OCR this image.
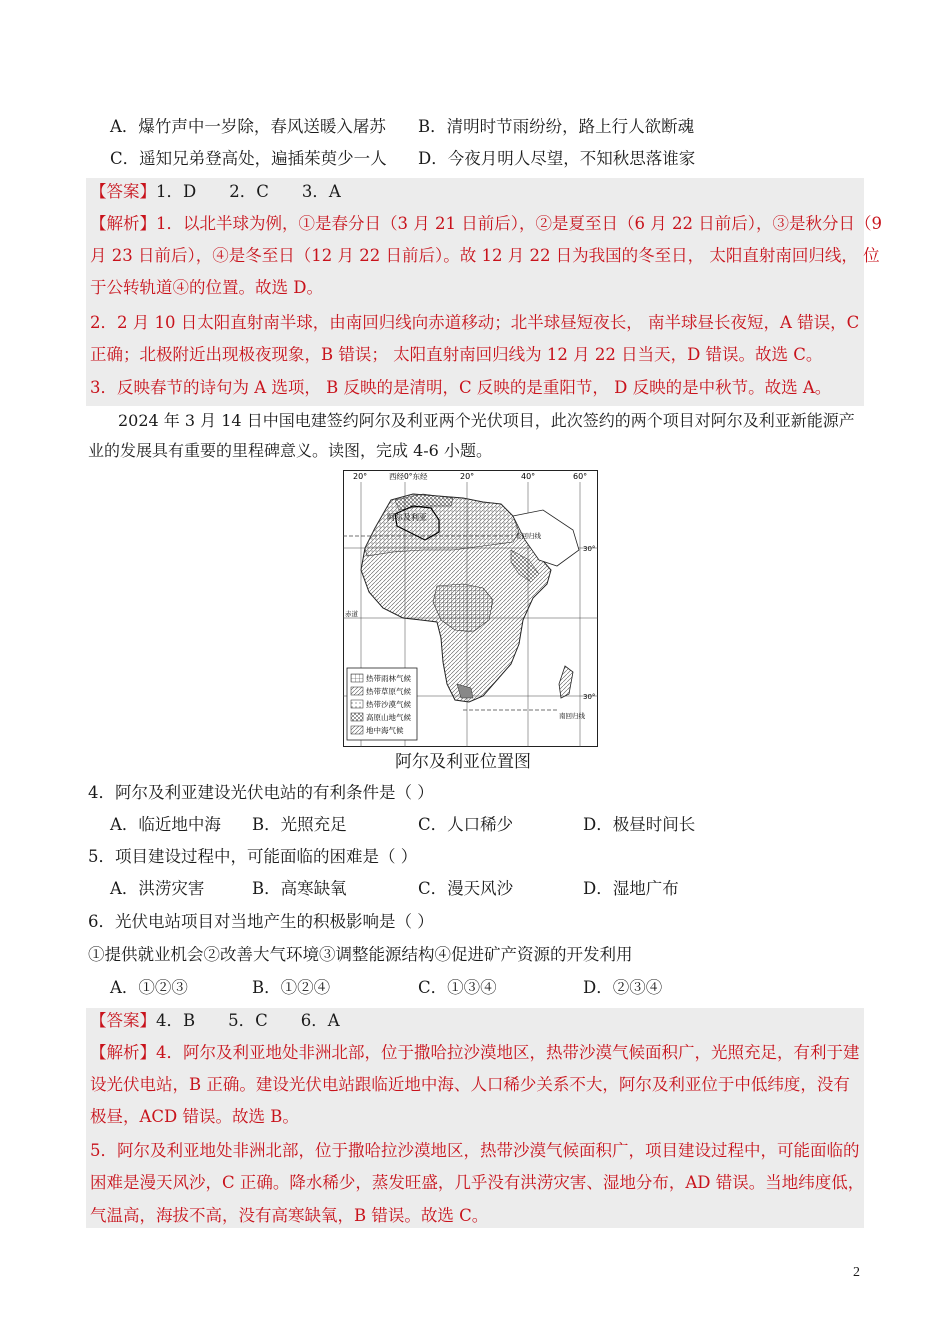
A．爆竹声中一岁除，春风送暖入屠苏 B．清明时节雨纷纷，路上行人欲断魂
C．遥知兄弟登高处，遍插茱萸少一人 D．今夜月明人尽望，不知秋思落谁家
【答案】1．D　　2．C　　3．A
【解析】1．以北半球为例，①是春分日（3 月 21 日前后），②是夏至日（6 月 22 日前后），③是秋分日（9
月 23 日前后），④是冬至日（12 月 22 日前后）。故 12 月 22 日为我国的冬至日， 太阳直射南回归线， 位
于公转轨道④的位置。故选 D。
2．2 月 10 日太阳直射南半球，由南回归线向赤道移动；北半球昼短夜长， 南半球昼长夜短，A 错误，C
正确；北极附近出现极夜现象，B 错误； 太阳直射南回归线为 12 月 22 日当天，D 错误。故选 C。
3．反映春节的诗句为 A 选项， B 反映的是清明，C 反映的是重阳节， D 反映的是中秋节。故选 A。
2024 年 3 月 14 日中国电建签约阿尔及利亚两个光伏项目，此次签约的两个项目对阿尔及利亚新能源产
业的发展具有重要的里程碑意义。读图，完成 4-6 小题。
20°	西经0°东经	20°	40°	60°
阿尔及利亚
30°
30°
北回归线
赤道
南回归线
热带雨林气候
热带草原气候
热带沙漠气候
高原山地气候
地中海气候
阿尔及利亚位置图
4．阿尔及利亚建设光伏电站的有利条件是（ ）
A．临近地中海 B．光照充足	C．人口稀少	D．极昼时间长
5．项目建设过程中，可能面临的困难是（ ）
A．洪涝灾害	B．高寒缺氧	C．漫天风沙	D．湿地广布
6．光伏电站项目对当地产生的积极影响是（ ）
①提供就业机会②改善大气环境③调整能源结构④促进矿产资源的开发利用
A．①②③	B．①②④	C．①③④	D．②③④
【答案】4．B　　5．C　　6．A
【解析】4．阿尔及利亚地处非洲北部，位于撒哈拉沙漠地区，热带沙漠气候面积广，光照充足，有利于建
设光伏电站，B 正确。建设光伏电站跟临近地中海、人口稀少关系不大，阿尔及利亚位于中低纬度，没有
极昼，ACD 错误。故选 B。
5．阿尔及利亚地处非洲北部，位于撒哈拉沙漠地区，热带沙漠气候面积广，项目建设过程中，可能面临的
困难是漫天风沙，C 正确。降水稀少，蒸发旺盛，几乎没有洪涝灾害、湿地分布，AD 错误。当地纬度低，
气温高，海拔不高，没有高寒缺氧，B 错误。故选 C。
2
